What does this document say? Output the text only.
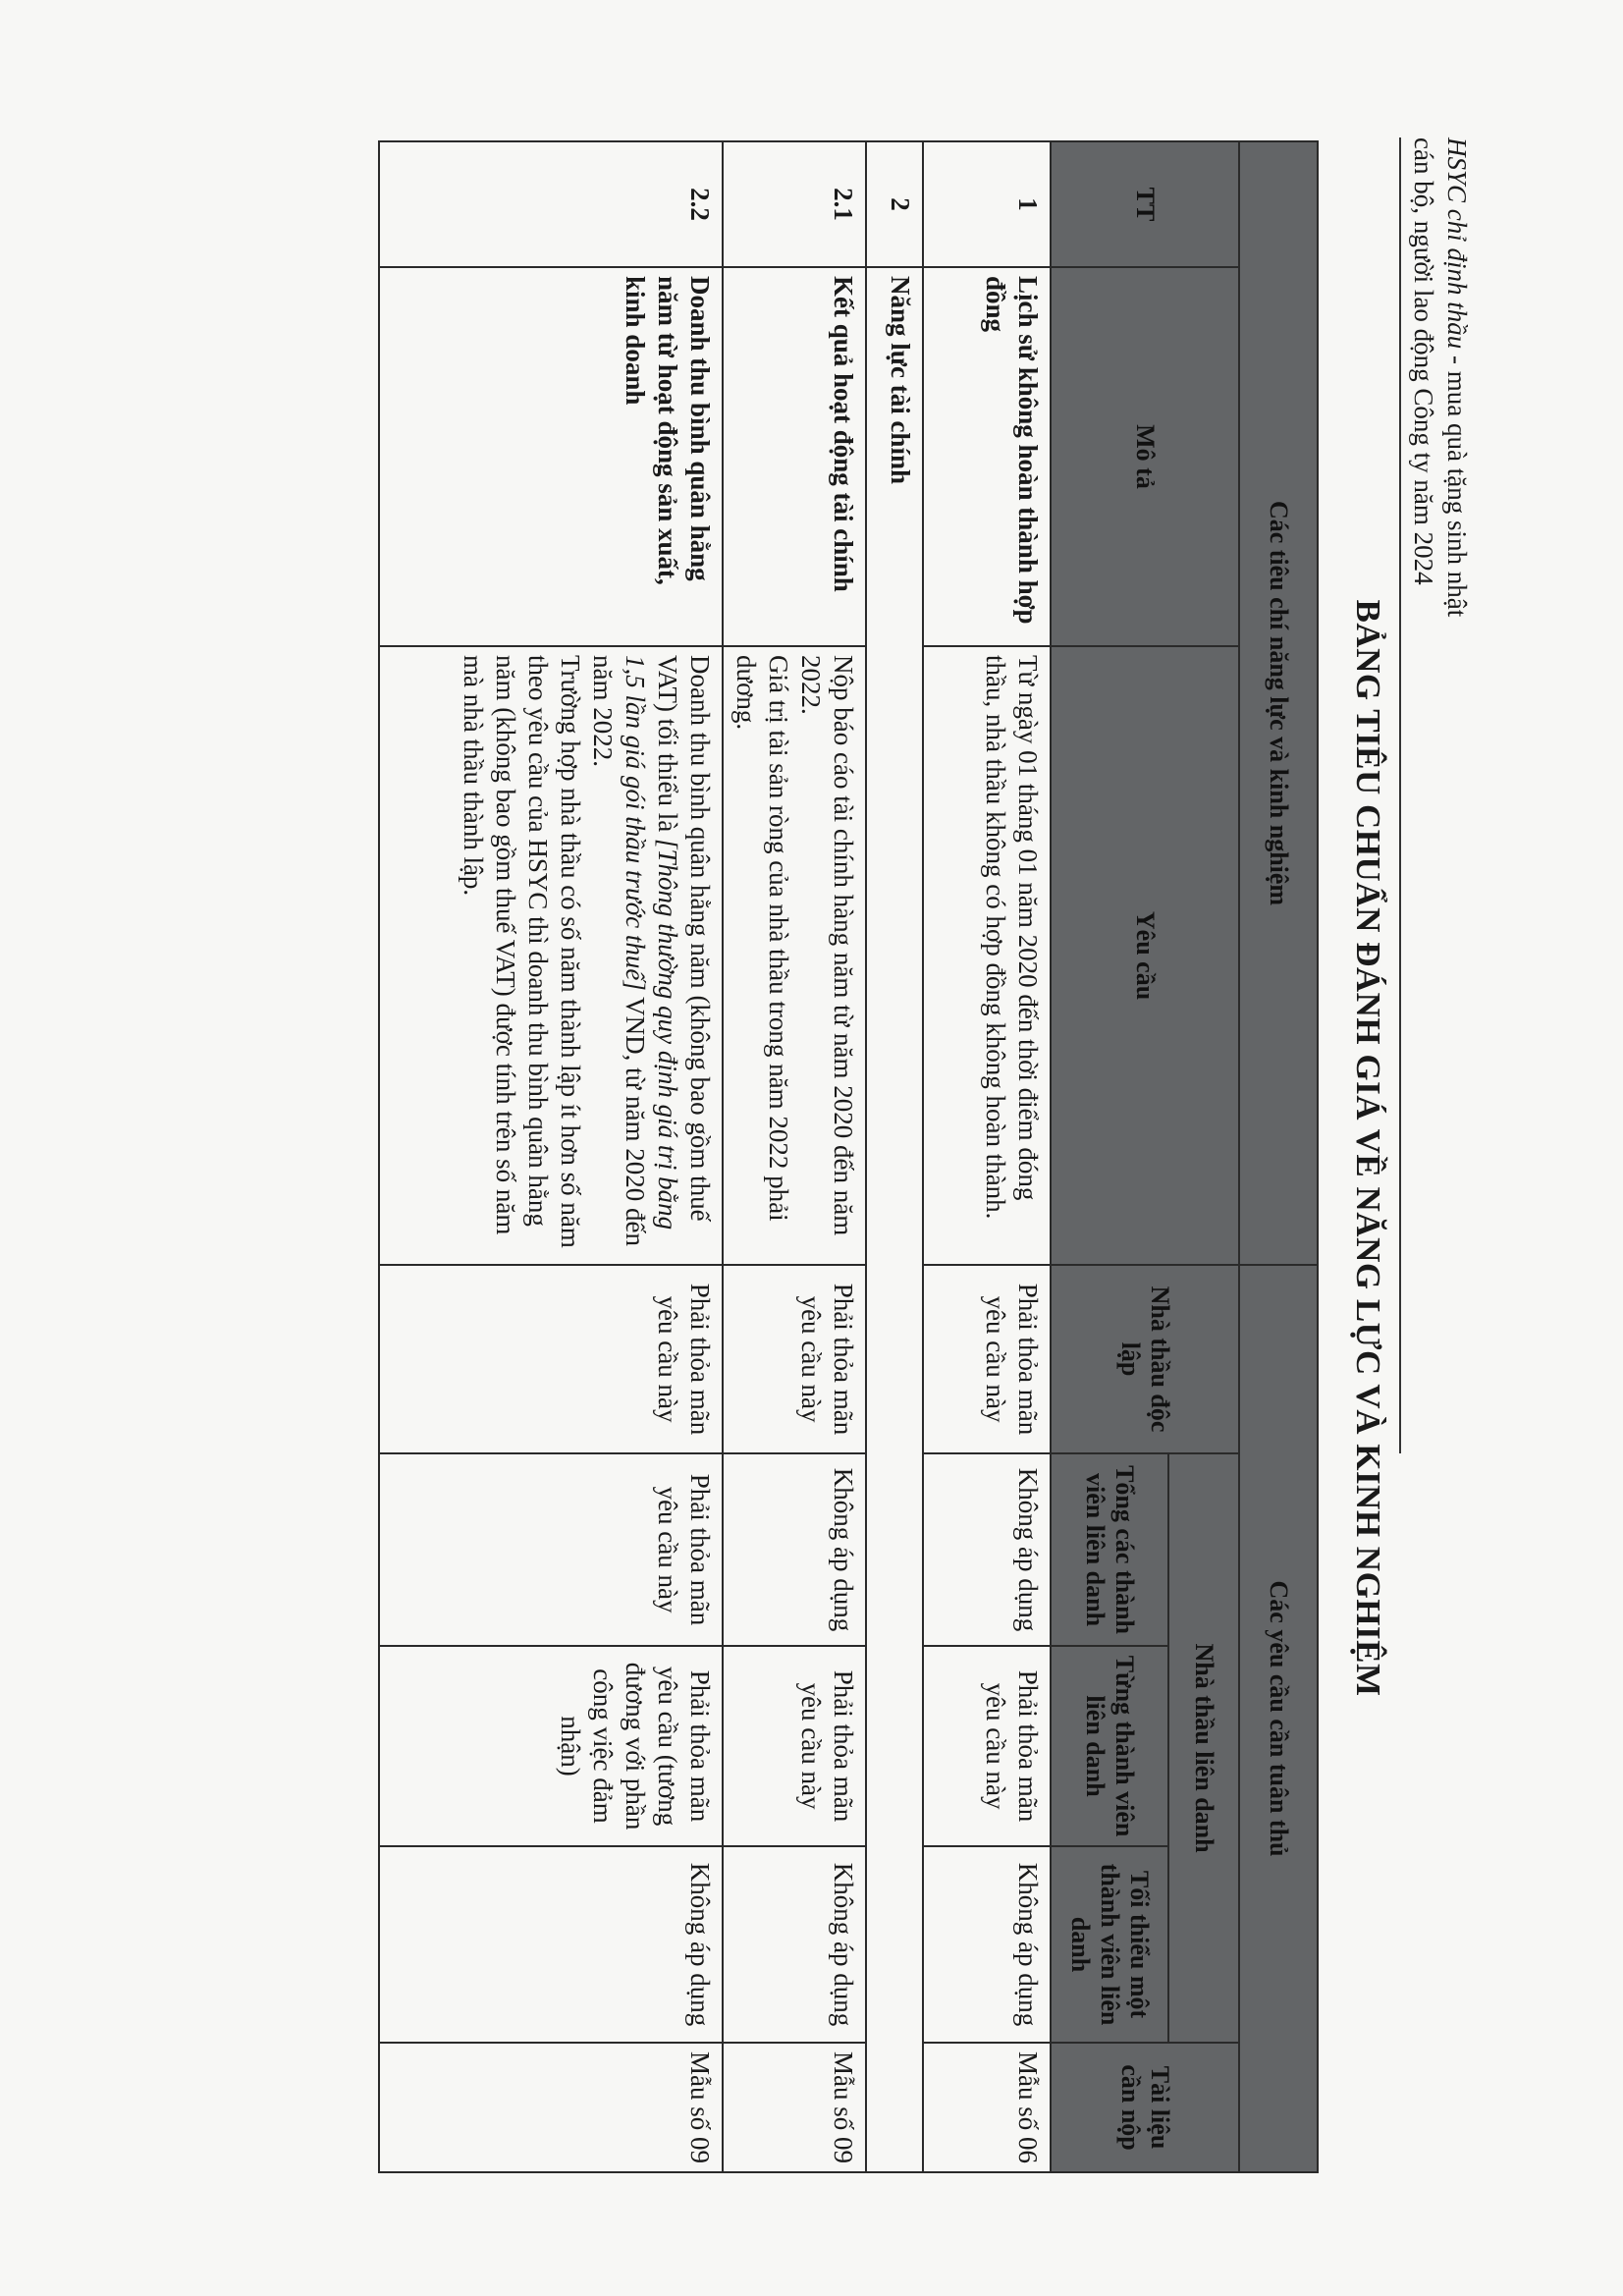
HSYC chỉ định thầu - mua quà tặng sinh nhật
cán bộ, người lao động Công ty năm 2024
BẢNG TIÊU CHUẨN ĐÁNH GIÁ VỀ NĂNG LỰC VÀ KINH NGHIỆM
Các tiêu chí năng lực và kinh nghiệm			Các yêu cầu cần tuân thủ				
TT	Mô tả	Yêu cầu	Nhà thầu độc lập	Nhà thầu liên danh			Tài liệu cần nộp
				Tổng các thành viên liên danh	Từng thành viên liên danh	Tối thiểu một thành viên liên danh	
1	Lịch sử không hoàn thành hợp đồng	Từ ngày 01 tháng 01 năm 2020 đến thời điểm đóng thầu, nhà thầu không có hợp đồng không hoàn thành.	Phải thỏa mãn yêu cầu này	Không áp dụng	Phải thỏa mãn yêu cầu này	Không áp dụng	Mẫu số 06
2	Năng lực tài chính						
2.1	Kết quả hoạt động tài chính	Nộp báo cáo tài chính hàng năm từ năm 2020 đến năm 2022.

Giá trị tài sản ròng của nhà thầu trong năm 2022 phải dương.	Phải thỏa mãn yêu cầu này	Không áp dụng	Phải thỏa mãn yêu cầu này	Không áp dụng	Mẫu số 09
2.2	Doanh thu bình quân hằng năm từ hoạt động sản xuất, kinh doanh	Doanh thu bình quân hằng năm (không bao gồm thuế VAT) tối thiểu là [Thông thường quy định giá trị bằng 1,5 lần giá gói thầu trước thuế] VND, từ năm 2020 đến năm 2022.

Trường hợp nhà thầu có số năm thành lập ít hơn số năm theo yêu cầu của HSYC thì doanh thu bình quân hằng năm (không bao gồm thuế VAT) được tính trên số năm mà nhà thầu thành lập.	Phải thỏa mãn yêu cầu này	Phải thỏa mãn yêu cầu này	Phải thỏa mãn yêu cầu (tương đương với phần công việc đảm nhận)	Không áp dụng	Mẫu số 09
